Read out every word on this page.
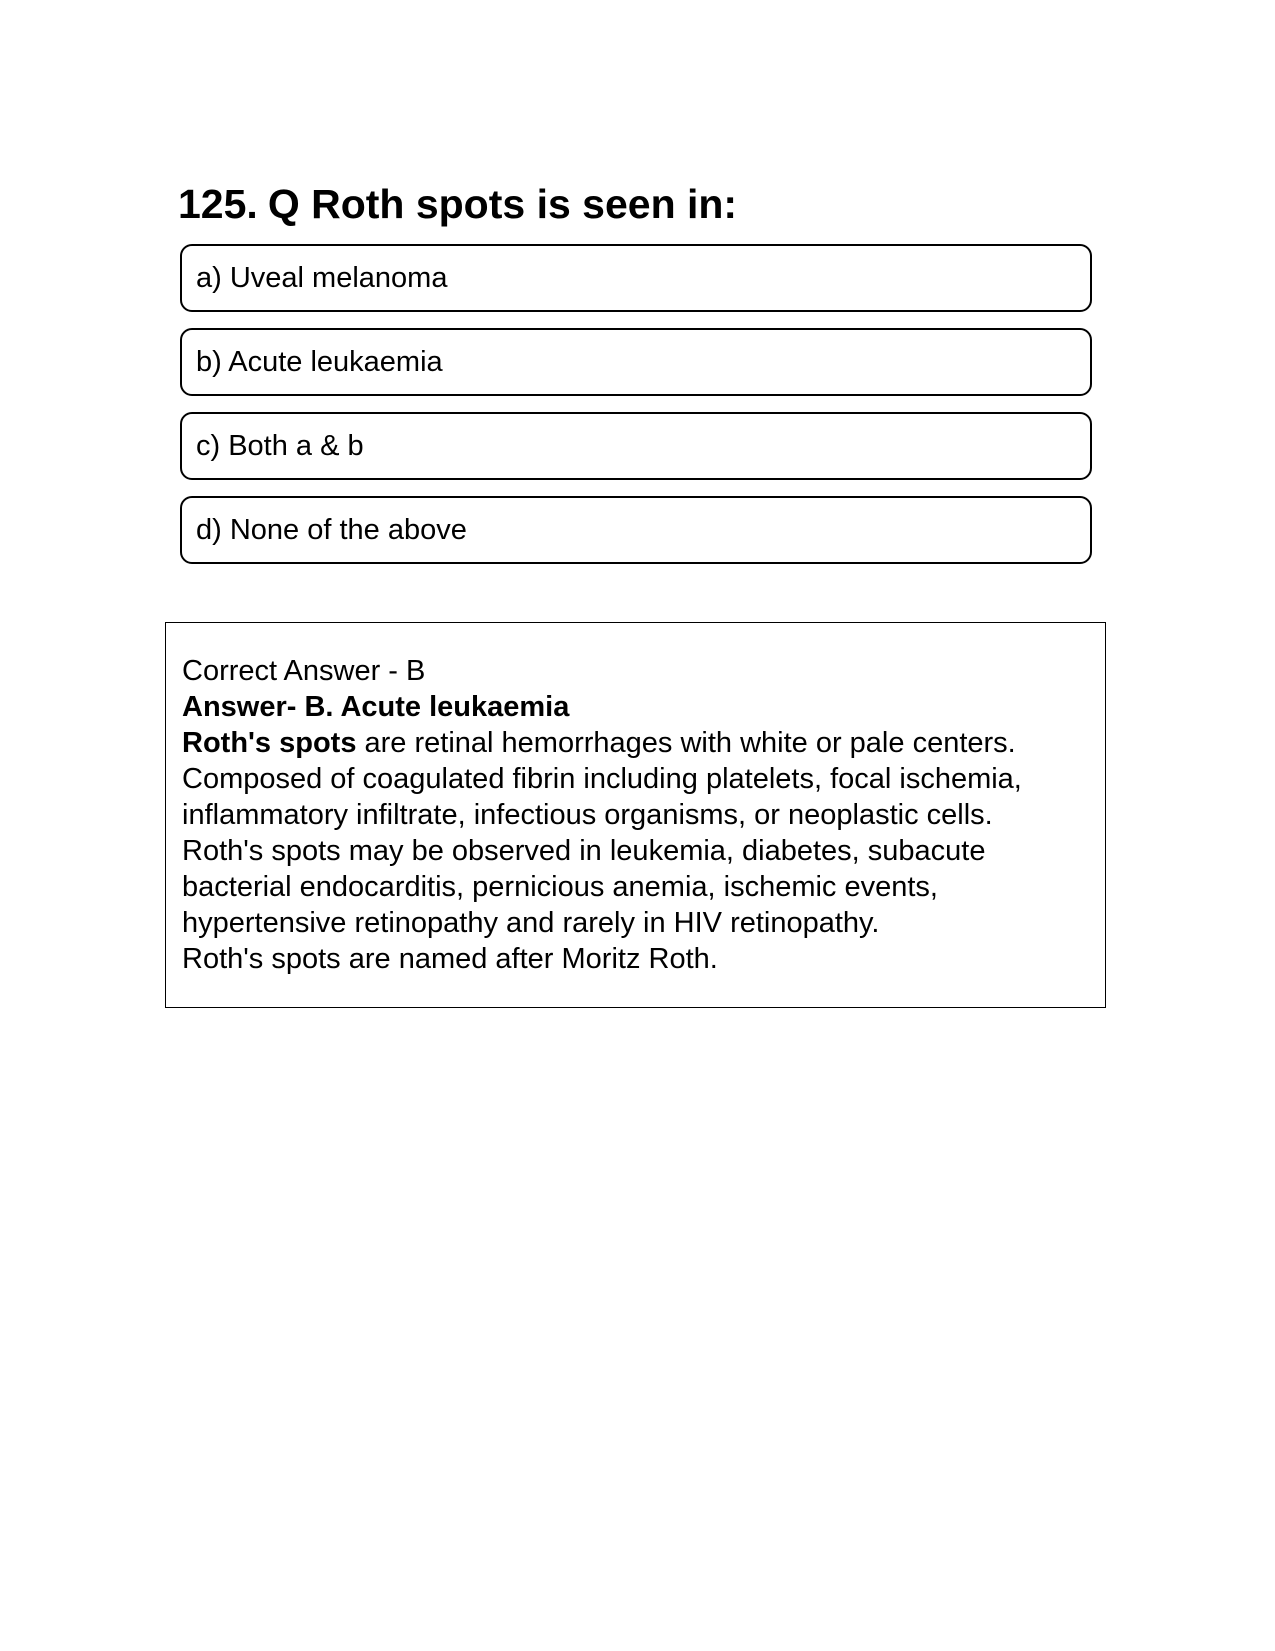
125. Q Roth spots is seen in:
a) Uveal melanoma
b) Acute leukaemia
c) Both a & b
d) None of the above

Correct Answer - B

Answer- B. Acute leukaemia

Roth's spots are retinal hemorrhages with white or pale centers.

Composed of coagulated fibrin including platelets, focal ischemia,

inflammatory infiltrate, infectious organisms, or neoplastic cells.

Roth's spots may be observed in leukemia, diabetes, subacute

bacterial endocarditis, pernicious anemia, ischemic events,

hypertensive retinopathy and rarely in HIV retinopathy.

Roth's spots are named after Moritz Roth.
